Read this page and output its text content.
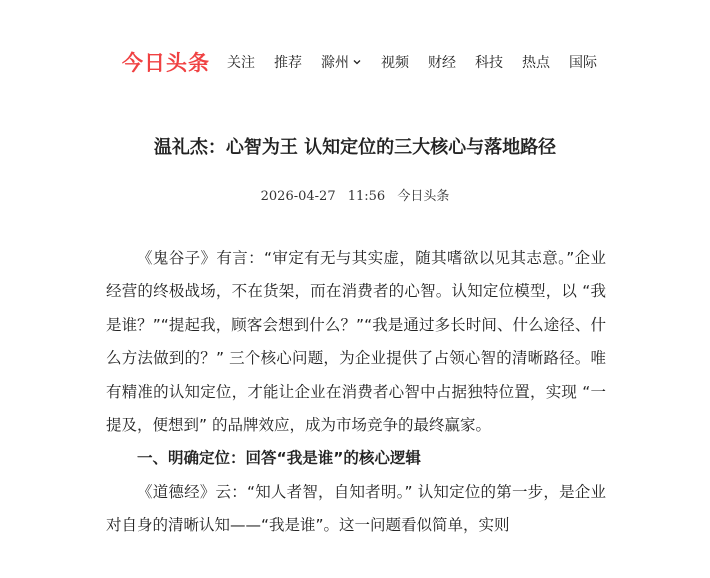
今日头条 关注 推荐 滁州 视频 财经 科技 热点 国际
温礼杰：心智为王 认知定位的三大核心与落地路径
2026-04-27 11:56 今日头条

《鬼谷子》有言：“审定有无与其实虚，随其嗜欲以见其志意。”企业经营的终极战场，不在货架，而在消费者的心智。认知定位模型，以 “我是谁？”“提起我，顾客会想到什么？”“我是通过多长时间、什么途径、什么方法做到的？” 三个核心问题，为企业提供了占领心智的清晰路径。唯有精准的认知定位，才能让企业在消费者心智中占据独特位置，实现 “一提及，便想到” 的品牌效应，成为市场竞争的最终赢家。

一、明确定位：回答“我是谁”的核心逻辑

《道德经》云：“知人者智，自知者明。” 认知定位的第一步，是企业对自身的清晰认知——“我是谁”。这一问题看似简单，实则
